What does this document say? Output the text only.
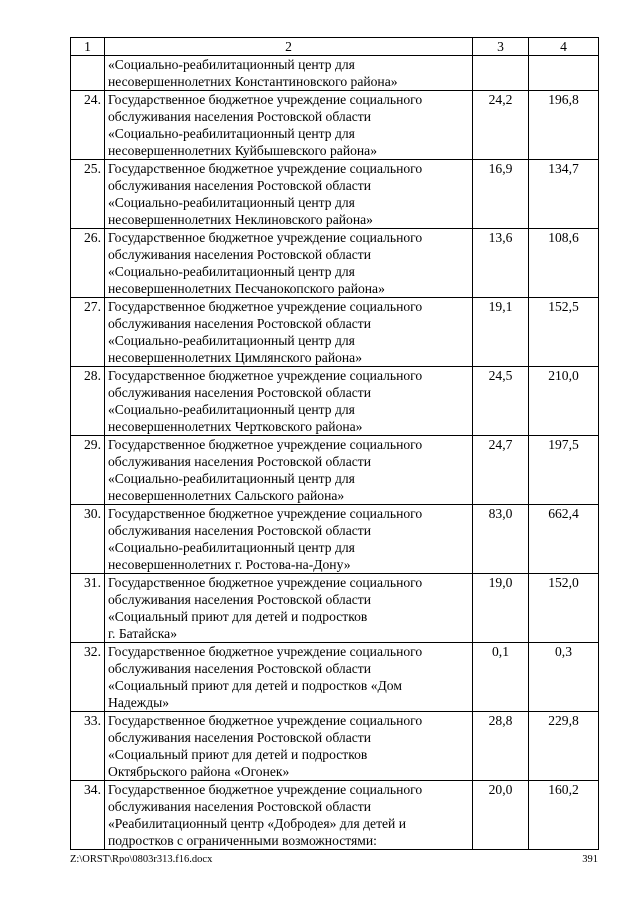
1	2	3	4

	«Социально-реабилитационный центр для
несовершеннолетних Константиновского района»		

24.	Государственное бюджетное учреждение социального
обслуживания населения Ростовской области
«Социально-реабилитационный центр для
несовершеннолетних Куйбышевского района»	24,2	196,8
25.	Государственное бюджетное учреждение социального
обслуживания населения Ростовской области
«Социально-реабилитационный центр для
несовершеннолетних Неклиновского района»	16,9	134,7
26.	Государственное бюджетное учреждение социального
обслуживания населения Ростовской области
«Социально-реабилитационный центр для
несовершеннолетних Песчанокопского района»	13,6	108,6
27.	Государственное бюджетное учреждение социального
обслуживания населения Ростовской области
«Социально-реабилитационный центр для
несовершеннолетних Цимлянского района»	19,1	152,5
28.	Государственное бюджетное учреждение социального
обслуживания населения Ростовской области
«Социально-реабилитационный центр для
несовершеннолетних Чертковского района»	24,5	210,0
29.	Государственное бюджетное учреждение социального
обслуживания населения Ростовской области
«Социально-реабилитационный центр для
несовершеннолетних Сальского района»	24,7	197,5
30.	Государственное бюджетное учреждение социального
обслуживания населения Ростовской области
«Социально-реабилитационный центр для
несовершеннолетних г. Ростова-на-Дону»	83,0	662,4
31.	Государственное бюджетное учреждение социального
обслуживания населения Ростовской области
«Социальный приют для детей и подростков
г. Батайска»	19,0	152,0
32.	Государственное бюджетное учреждение социального
обслуживания населения Ростовской области
«Социальный приют для детей и подростков «Дом
Надежды»	0,1	0,3
33.	Государственное бюджетное учреждение социального
обслуживания населения Ростовской области
«Социальный приют для детей и подростков
Октябрьского района «Огонек»	28,8	229,8
34.	Государственное бюджетное учреждение социального
обслуживания населения Ростовской области
«Реабилитационный центр «Добродея» для детей и
подростков с ограниченными возможностями:	20,0	160,2
Z:\ORST\Rpo\0803r313.f16.docx	391
